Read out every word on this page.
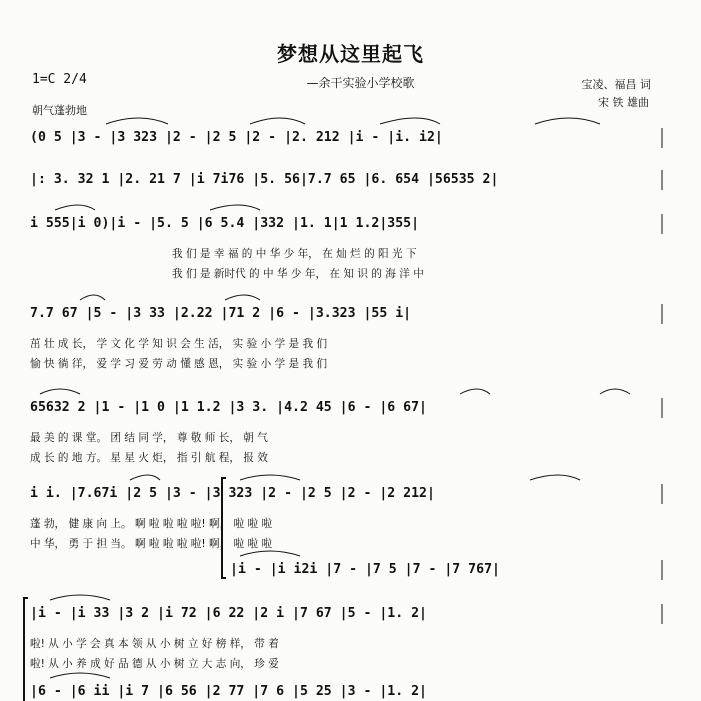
梦想从这里起飞
—余干实验小学校歌
1=C 2/4
朝气蓬勃地
宝凌、福昌 词
宋 铁 雄曲
(0 5 |3 - |3 323 |2 - |2 5 |2 - |2. 212 |i - |i. i2|
|: 3. 32 1 |2. 21 7 |i 7i76 |5. 56|7.7 65 |6. 654 |56535 2|
i 555|i 0)|i - |5. 5 |6 5.4 |332 |1. 1|1 1.2|355|
我 们 是 幸 福 的 中 华 少 年， 在 灿 烂 的 阳 光 下
我 们 是 新时代 的 中 华 少 年， 在 知 识 的 海 洋 中
7.7 67 |5 - |3 33 |2.22 |71 2 |6 - |3.323 |55 i|
茁 壮 成 长， 学 文 化 学 知 识 会 生 活， 实 验 小 学 是 我 们
愉 快 徜 徉， 爱 学 习 爱 劳 动 懂 感 恩， 实 验 小 学 是 我 们
65632 2 |1 - |1 0 |1 1.2 |3 3. |4.2 45 |6 - |6 67|
最 美 的 课 堂。 团 结 同 学， 尊 敬 师 长， 朝 气
成 长 的 地 方。 星 星 火 炬， 指 引 航 程， 报 效
i i. |7.67i |2 5 |3 - |3 323 |2 - |2 5 |2 - |2 212|
蓬 勃， 健 康 向 上。 啊 啦 啦 啦 啦! 啊， 啦 啦 啦
中 华， 勇 于 担 当。 啊 啦 啦 啦 啦! 啊， 啦 啦 啦
|i - |i i2i |7 - |7 5 |7 - |7 767|
|i - |i 33 |3 2 |i 72 |6 22 |2 i |7 67 |5 - |1. 2|
啦! 从 小 学 会 真 本 领 从 小 树 立 好 榜 样， 带 着
啦! 从 小 养 成 好 品 德 从 小 树 立 大 志 向， 珍 爱
|6 - |6 ii |i 7 |6 56 |2 77 |7 6 |5 25 |3 - |1. 2|
